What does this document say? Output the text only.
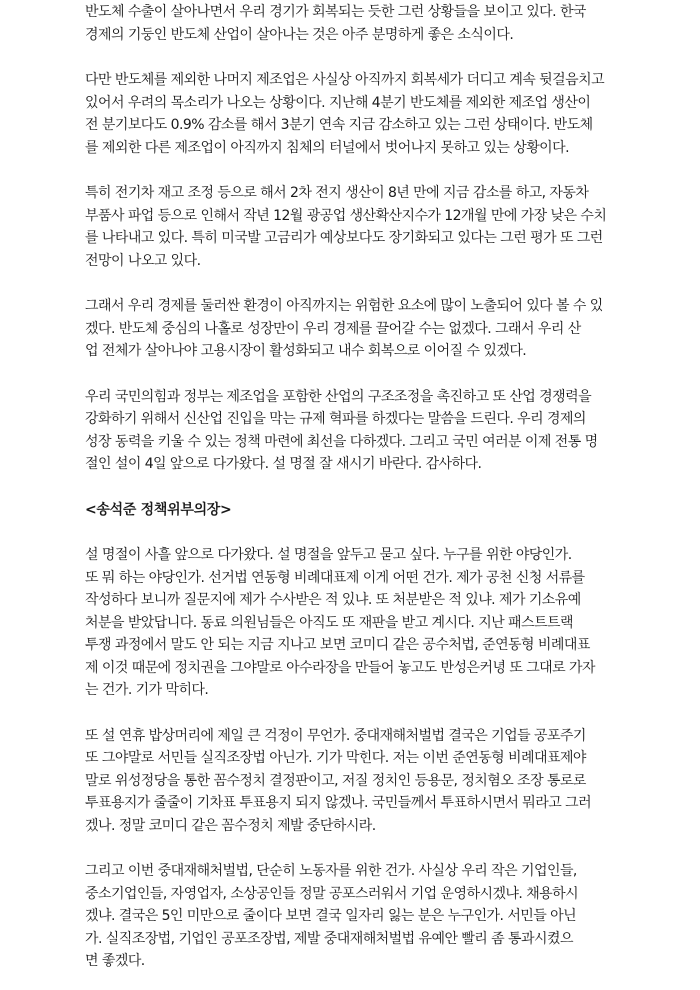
반도체 수출이 살아나면서 우리 경기가 회복되는 듯한 그런 상황들을 보이고 있다. 한국
경제의 기둥인 반도체 산업이 살아나는 것은 아주 분명하게 좋은 소식이다.
다만 반도체를 제외한 나머지 제조업은 사실상 아직까지 회복세가 더디고 계속 뒷걸음치고
있어서 우려의 목소리가 나오는 상황이다. 지난해 4분기 반도체를 제외한 제조업 생산이
전 분기보다도 0.9% 감소를 해서 3분기 연속 지금 감소하고 있는 그런 상태이다. 반도체
를 제외한 다른 제조업이 아직까지 침체의 터널에서 벗어나지 못하고 있는 상황이다.
특히 전기차 재고 조정 등으로 해서 2차 전지 생산이 8년 만에 지금 감소를 하고, 자동차
부품사 파업 등으로 인해서 작년 12월 광공업 생산확산지수가 12개월 만에 가장 낮은 수치
를 나타내고 있다. 특히 미국발 고금리가 예상보다도 장기화되고 있다는 그런 평가 또 그런
전망이 나오고 있다.
그래서 우리 경제를 둘러싼 환경이 아직까지는 위험한 요소에 많이 노출되어 있다 볼 수 있
겠다. 반도체 중심의 나홀로 성장만이 우리 경제를 끌어갈 수는 없겠다. 그래서 우리 산
업 전체가 살아나야 고용시장이 활성화되고 내수 회복으로 이어질 수 있겠다.
우리 국민의힘과 정부는 제조업을 포함한 산업의 구조조정을 촉진하고 또 산업 경쟁력을
강화하기 위해서 신산업 진입을 막는 규제 혁파를 하겠다는 말씀을 드린다. 우리 경제의
성장 동력을 키울 수 있는 정책 마련에 최선을 다하겠다. 그리고 국민 여러분 이제 전통 명
절인 설이 4일 앞으로 다가왔다. 설 명절 잘 새시기 바란다. 감사하다.
<송석준 정책위부의장>
설 명절이 사흘 앞으로 다가왔다. 설 명절을 앞두고 묻고 싶다. 누구를 위한 야당인가.
또 뭐 하는 야당인가. 선거법 연동형 비례대표제 이게 어떤 건가. 제가 공천 신청 서류를
작성하다 보니까 질문지에 제가 수사받은 적 있냐. 또 처분받은 적 있냐. 제가 기소유예
처분을 받았답니다. 동료 의원님들은 아직도 또 재판을 받고 계시다. 지난 패스트트랙
투쟁 과정에서 말도 안 되는 지금 지나고 보면 코미디 같은 공수처법, 준연동형 비례대표
제 이것 때문에 정치권을 그야말로 아수라장을 만들어 놓고도 반성은커녕 또 그대로 가자
는 건가. 기가 막히다.
또 설 연휴 밥상머리에 제일 큰 걱정이 무언가. 중대재해처벌법 결국은 기업들 공포주기
또 그야말로 서민들 실직조장법 아닌가. 기가 막힌다. 저는 이번 준연동형 비례대표제야
말로 위성정당을 통한 꼼수정치 결정판이고, 저질 정치인 등용문, 정치혐오 조장 통로로
투표용지가 줄줄이 기차표 투표용지 되지 않겠나. 국민들께서 투표하시면서 뭐라고 그러
겠나. 정말 코미디 같은 꼼수정치 제발 중단하시라.
그리고 이번 중대재해처벌법, 단순히 노동자를 위한 건가. 사실상 우리 작은 기업인들,
중소기업인들, 자영업자, 소상공인들 정말 공포스러워서 기업 운영하시겠냐. 채용하시
겠냐. 결국은 5인 미만으로 줄이다 보면 결국 일자리 잃는 분은 누구인가. 서민들 아닌
가. 실직조장법, 기업인 공포조장법, 제발 중대재해처벌법 유예안 빨리 좀 통과시켰으
면 좋겠다.
